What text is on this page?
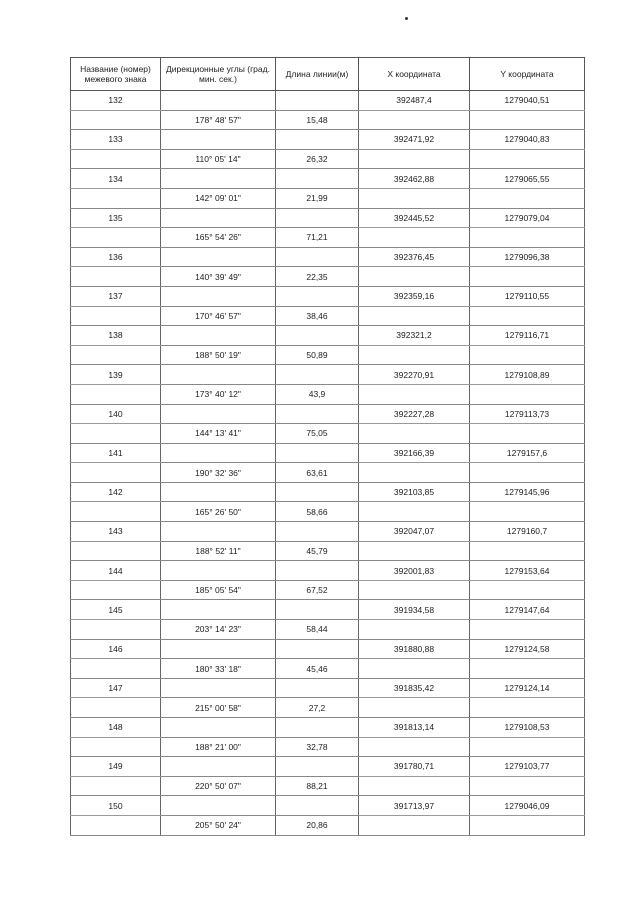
Название (номер) межевого знака	Дирекционные углы (град. мин. сек.)	Длина линии(м)	X координата	Y координата
132			392487,4	1279040,51
	178° 48' 57"	15,48		
133			392471,92	1279040,83
	110° 05' 14"	26,32		
134			392462,88	1279065,55
	142° 09' 01"	21,99		
135			392445,52	1279079,04
	165° 54' 26"	71,21		
136			392376,45	1279096,38
	140° 39' 49"	22,35		
137			392359,16	1279110,55
	170° 46' 57"	38,46		
138			392321,2	1279116,71
	188° 50' 19"	50,89		
139			392270,91	1279108,89
	173° 40' 12"	43,9		
140			392227,28	1279113,73
	144° 13' 41"	75,05		
141			392166,39	1279157,6
	190° 32' 36"	63,61		
142			392103,85	1279145,96
	165° 26' 50"	58,66		
143			392047,07	1279160,7
	188° 52' 11"	45,79		
144			392001,83	1279153,64
	185° 05' 54"	67,52		
145			391934,58	1279147,64
	203° 14' 23"	58,44		
146			391880,88	1279124,58
	180° 33' 18"	45,46		
147			391835,42	1279124,14
	215° 00' 58"	27,2		
148			391813,14	1279108,53
	188° 21' 00"	32,78		
149			391780,71	1279103,77
	220° 50' 07"	88,21		
150			391713,97	1279046,09
	205° 50' 24"	20,86		
